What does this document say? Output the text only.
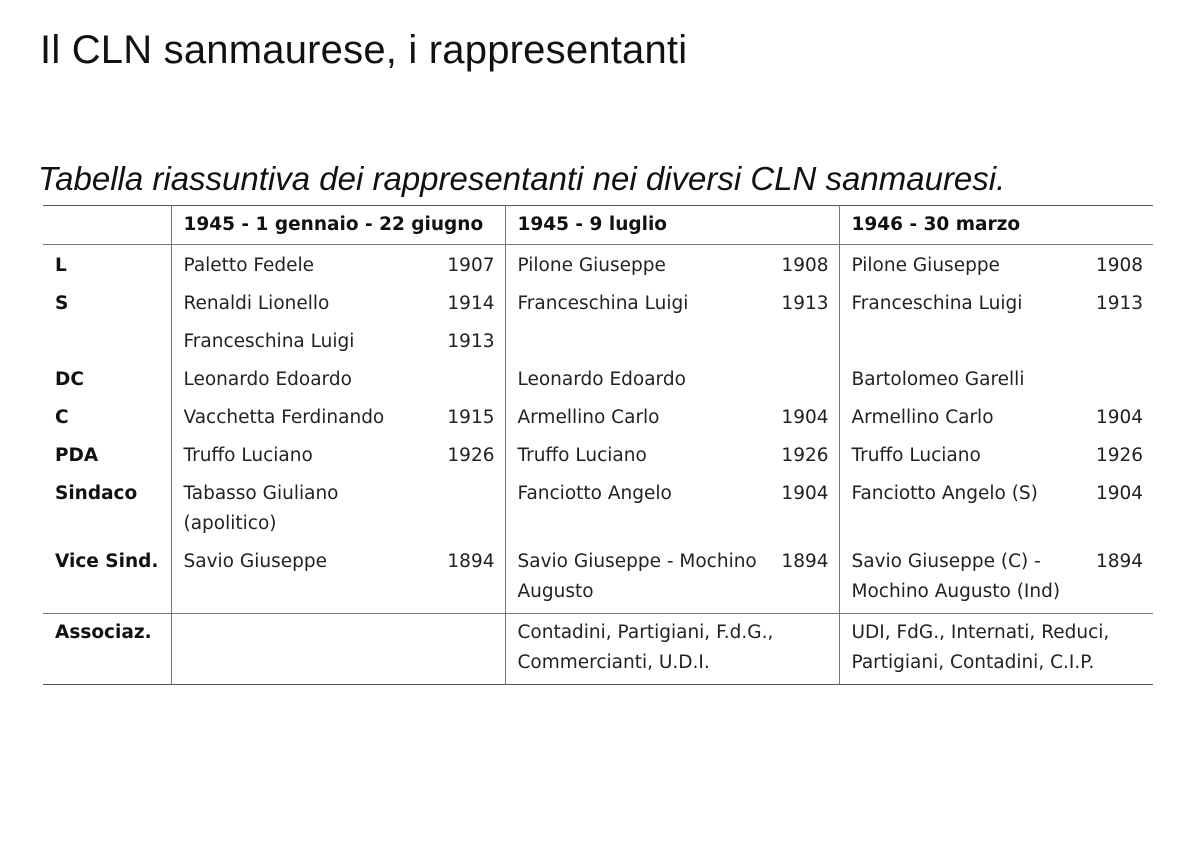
Il CLN sanmaurese, i rappresentanti

Tabella riassuntiva dei rappresentanti nei diversi CLN sanmauresi.

	1945 - 1 gennaio - 22 giugno		1945 - 9 luglio		1946 - 30 marzo	
L	Paletto Fedele	1907	Pilone Giuseppe	1908	Pilone Giuseppe	1908
S	Renaldi Lionello	1914	Franceschina Luigi	1913	Franceschina Luigi	1913
	Franceschina Luigi	1913				
DC	Leonardo Edoardo		Leonardo Edoardo		Bartolomeo Garelli	
C	Vacchetta Ferdinando	1915	Armellino Carlo	1904	Armellino Carlo	1904
PDA	Truffo Luciano	1926	Truffo Luciano	1926	Truffo Luciano	1926
Sindaco	Tabasso Giuliano (apolitico)		Fanciotto Angelo	1904	Fanciotto Angelo (S)	1904
Vice Sind.	Savio Giuseppe	1894	Savio Giuseppe - Mochino Augusto	1894	Savio Giuseppe (C) - Mochino Augusto (Ind)	1894
Associaz.			Contadini, Partigiani, F.d.G., Commercianti, U.D.I.		UDI, FdG., Internati, Reduci, Partigiani, Contadini, C.I.P.	
